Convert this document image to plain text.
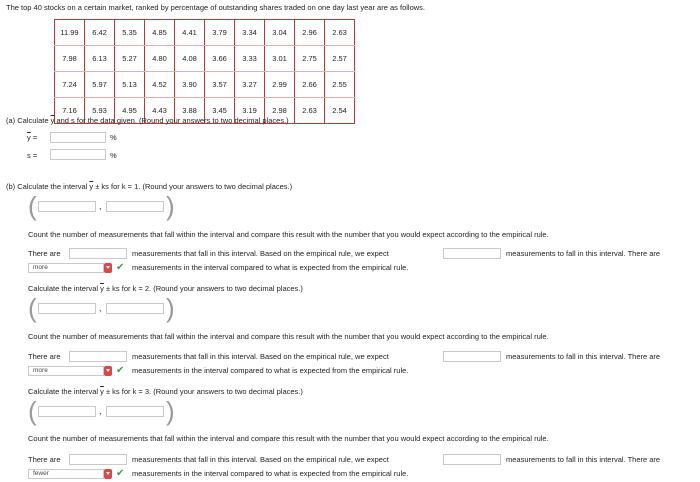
The top 40 stocks on a certain market, ranked by percentage of outstanding shares traded on one day last year are as follows.
11.99	6.42	5.35	4.85	4.41	3.79	3.34	3.04	2.96	2.63
7.98	6.13	5.27	4.80	4.08	3.66	3.33	3.01	2.75	2.57
7.24	5.97	5.13	4.52	3.90	3.57	3.27	2.99	2.66	2.55
7.16	5.93	4.95	4.43	3.88	3.45	3.19	2.98	2.63	2.54
(a) Calculate $\overline{y}$ and s for the data given. (Round your answers to two decimal places.)
$\overline{y}$ =	%
s =	%
(b) Calculate the interval $\overline{y}$ ± ks for k = 1. (Round your answers to two decimal places.)
(	, )
Count the number of measurements that fall within the interval and compare this result with the number that you would expect according to the empirical rule.
There are	measurements that fall in this interval. Based on the empirical rule, we expect	measurements to fall in this interval. There are
more	✔ measurements in the interval compared to what is expected from the empirical rule.
Calculate the interval $\overline{y}$ ± ks for k = 2. (Round your answers to two decimal places.)
(	, )
Count the number of measurements that fall within the interval and compare this result with the number that you would expect according to the empirical rule.
There are	measurements that fall in this interval. Based on the empirical rule, we expect	measurements to fall in this interval. There are
more	✔ measurements in the interval compared to what is expected from the empirical rule.
Calculate the interval $\overline{y}$ ± ks for k = 3. (Round your answers to two decimal places.)
(	, )
Count the number of measurements that fall within the interval and compare this result with the number that you would expect according to the empirical rule.
There are	measurements that fall in this interval. Based on the empirical rule, we expect	measurements to fall in this interval. There are
fewer	✔ measurements in the interval compared to what is expected from the empirical rule.
